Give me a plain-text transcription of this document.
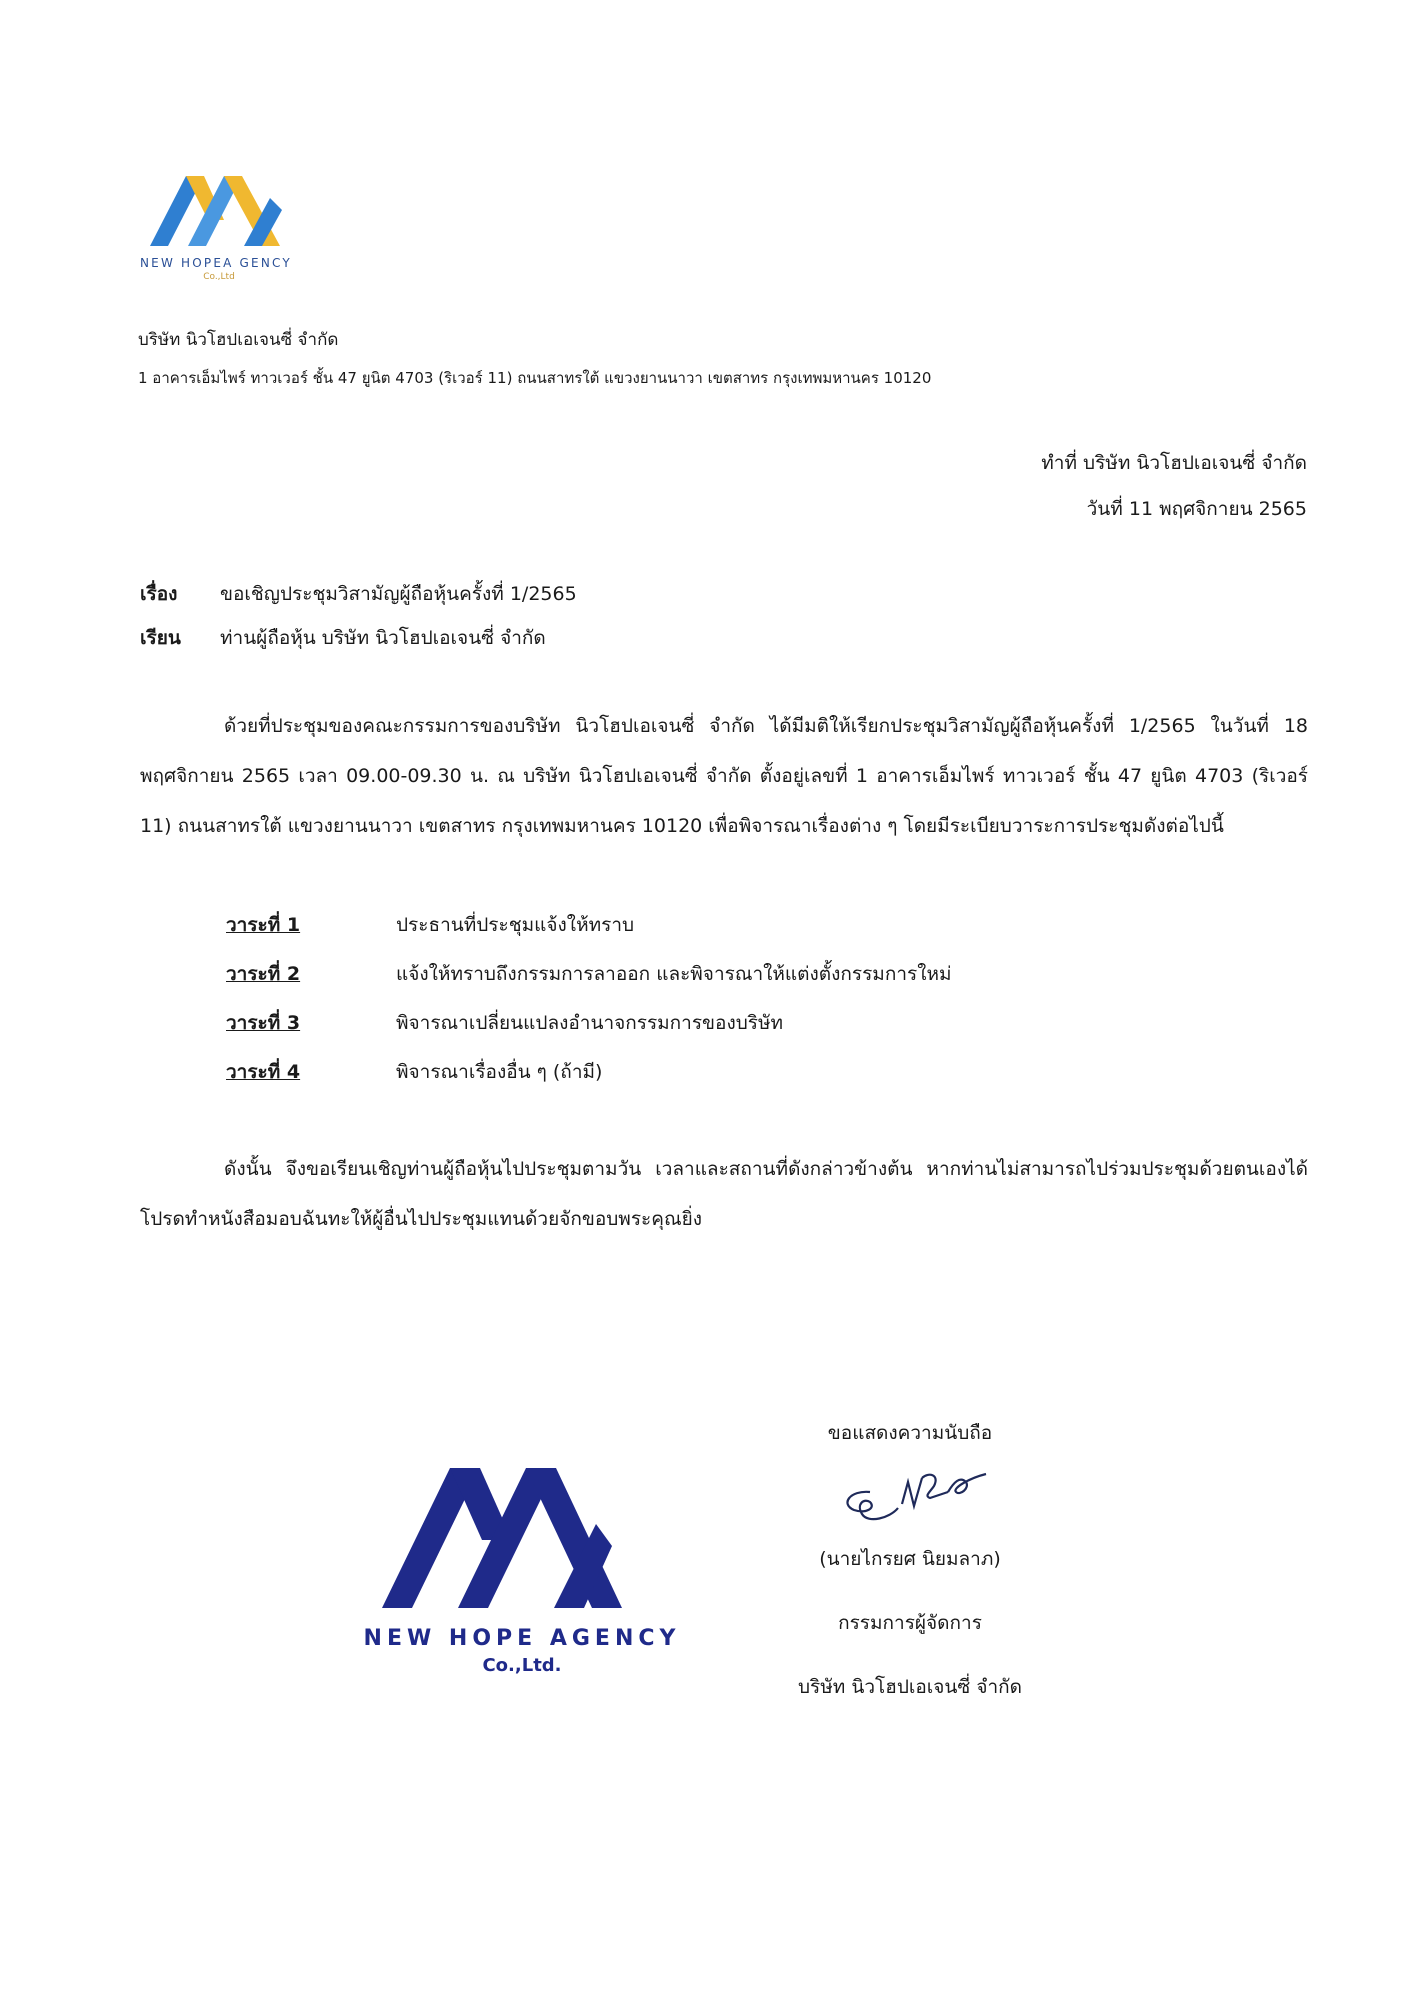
NEW HOPEA GENCY
Co.,Ltd
บริษัท นิวโฮปเอเจนซี่ จำกัด
1 อาคารเอ็มไพร์ ทาวเวอร์ ชั้น 47 ยูนิต 4703 (ริเวอร์ 11) ถนนสาทรใต้ แขวงยานนาวา เขตสาทร กรุงเทพมหานคร 10120
ทำที่ บริษัท นิวโฮปเอเจนซี่ จำกัด
วันที่ 11 พฤศจิกายน 2565
เรื่อง	ขอเชิญประชุมวิสามัญผู้ถือหุ้นครั้งที่ 1/2565
เรียน	ท่านผู้ถือหุ้น บริษัท นิวโฮปเอเจนซี่ จำกัด
ด้วยที่ประชุมของคณะกรรมการของบริษัท นิวโฮปเอเจนซี่ จำกัด ได้มีมติให้เรียกประชุมวิสามัญผู้ถือหุ้นครั้งที่ 1/2565 ในวันที่ 18 พฤศจิกายน 2565 เวลา 09.00-09.30 น. ณ บริษัท นิวโฮปเอเจนซี่ จำกัด ตั้งอยู่เลขที่ 1 อาคารเอ็มไพร์ ทาวเวอร์ ชั้น 47 ยูนิต 4703 (ริเวอร์ 11) ถนนสาทรใต้ แขวงยานนาวา เขตสาทร กรุงเทพมหานคร 10120 เพื่อพิจารณาเรื่องต่าง ๆ โดยมีระเบียบวาระการประชุมดังต่อไปนี้
วาระที่ 1	ประธานที่ประชุมแจ้งให้ทราบ
วาระที่ 2	แจ้งให้ทราบถึงกรรมการลาออก และพิจารณาให้แต่งตั้งกรรมการใหม่
วาระที่ 3	พิจารณาเปลี่ยนแปลงอำนาจกรรมการของบริษัท
วาระที่ 4	พิจารณาเรื่องอื่น ๆ (ถ้ามี)
ดังนั้น จึงขอเรียนเชิญท่านผู้ถือหุ้นไปประชุมตามวัน เวลาและสถานที่ดังกล่าวข้างต้น หากท่านไม่สามารถไปร่วมประชุมด้วยตนเองได้ โปรดทำหนังสือมอบฉันทะให้ผู้อื่นไปประชุมแทนด้วยจักขอบพระคุณยิ่ง
NEW HOPE AGENCY
Co.,Ltd.
ขอแสดงความนับถือ
(นายไกรยศ นิยมลาภ)
กรรมการผู้จัดการ
บริษัท นิวโฮปเอเจนซี่ จำกัด
